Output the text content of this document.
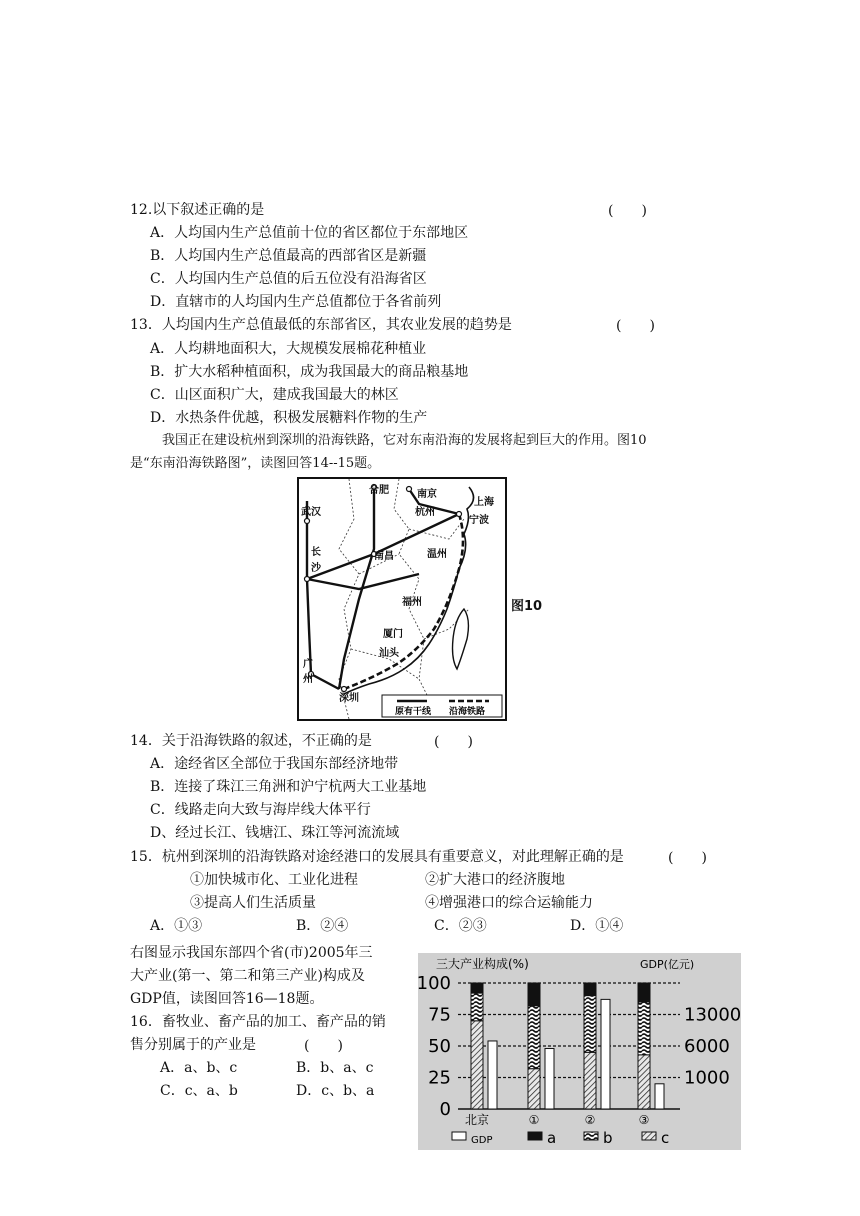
12.以下叙述正确的是	(　　)
A．人均国内生产总值前十位的省区都位于东部地区
B．人均国内生产总值最高的西部省区是新疆
C．人均国内生产总值的后五位没有沿海省区
D．直辖市的人均国内生产总值都位于各省前列
13．人均国内生产总值最低的东部省区，其农业发展的趋势是	(　　)
A．人均耕地面积大，大规模发展棉花种植业
B．扩大水稻种植面积，成为我国最大的商品粮基地
C．山区面积广大，建成我国最大的林区
D．水热条件优越，积极发展糖料作物的生产
我国正在建设杭州到深圳的沿海铁路，它对东南沿海的发展将起到巨大的作用。图10
是“东南沿海铁路图”，读图回答14--15题。
合肥	南京
上海
杭州
宁波
武汉
南昌
长
沙
温州
福州
厦门
汕头
广
州
深圳
原有干线 沿海铁路
图10
14．关于沿海铁路的叙述，不正确的是	(　　)
A．途经省区全部位于我国东部经济地带
B．连接了珠江三角洲和沪宁杭两大工业基地
C．线路走向大致与海岸线大体平行
D、经过长江、钱塘江、珠江等河流流域
15．杭州到深圳的沿海铁路对途经港口的发展具有重要意义，对此理解正确的是	(　　)
①加快城市化、工业化进程	②扩大港口的经济腹地
③提高人们生活质量	④增强港口的综合运输能力
A．①③	B．②④	C．②③	D．①④
右图显示我国东部四个省(市)2005年三
大产业(第一、第二和第三产业)构成及
GDP值，读图回答16—18题。
16．畜牧业、畜产品的加工、畜产品的销
售分别属于的产业是	(　　)
A．a、b、c	B．b、a、c
C．c、a、b	D．c、b、a
三大产业构成(%)	GDP(亿元)
100
75
50
25
0
13000
6000
1000
北京	①	②	③
GDP	a	b	c
